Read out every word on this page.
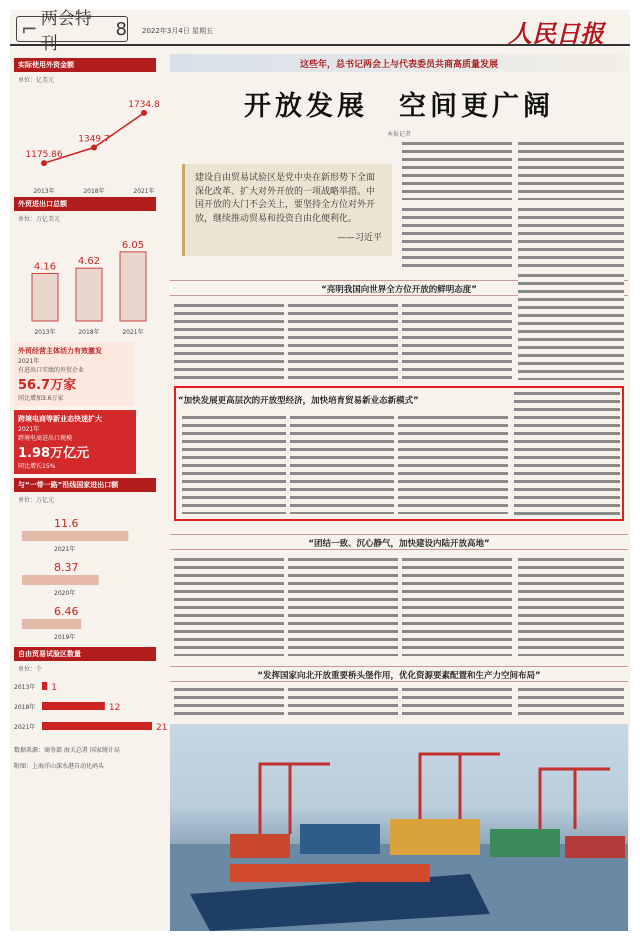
⌐ 两会特刊
8 2022年3月4日 星期五	人民日报
实际使用外资金额
单位：亿美元
1175.86
2013年
1349.7
2018年
1734.8
2021年
外贸进出口总额
单位：万亿美元
4.16
2013年
4.62
2018年
6.05
2021年
外贸经营主体活力有效激发
2021年
有进出口实绩的外贸企业
56.7万家
同比增加3.6万家
跨境电商等新业态快速扩大
2021年
跨境电商进出口规模
1.98万亿元
同比增长15%
与“一带一路”沿线国家进出口额
单位：万亿元
11.6
2021年
8.37
2020年
6.46
2019年
自由贸易试验区数量
单位：个
2013年 1
2018年	12
2021年	21
数据来源：商务部 海关总署 国家统计局
附图：上海洋山深水港自动化码头
这些年，总书记两会上与代表委员共商高质量发展
开放发展　空间更广阔
本报记者
建设自由贸易试验区是党中央在新形势下全面深化改革、扩大对外开放的一项战略举措。中国开放的大门不会关上，要坚持全方位对外开放，继续推动贸易和投资自由化便利化。
——习近平
“亮明我国向世界全方位开放的鲜明态度”
“加快发展更高层次的开放型经济，加快培育贸易新业态新模式”
“团结一致、沉心静气，加快建设内陆开放高地”
“发挥国家向北开放重要桥头堡作用，优化资源要素配置和生产力空间布局”
